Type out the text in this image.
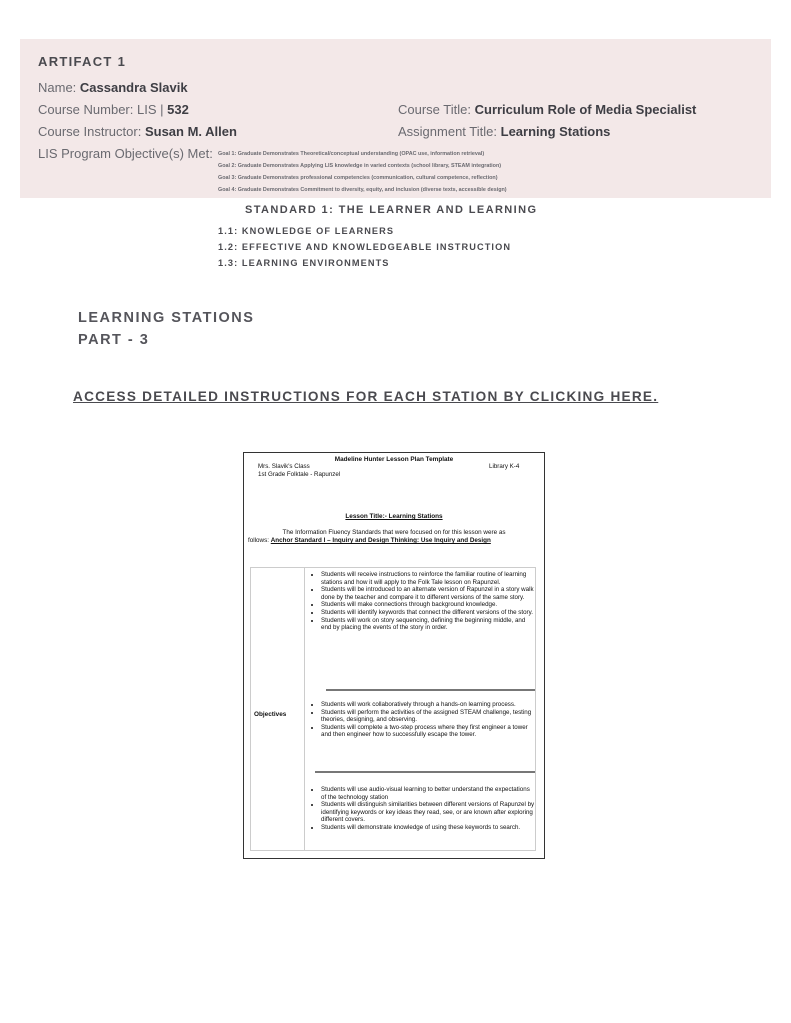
ARTIFACT 1
Name: Cassandra Slavik
Course Number: LIS | 532
Course Instructor: Susan M. Allen
Course Title: Curriculum Role of Media Specialist
Assignment Title: Learning Stations
LIS Program Objective(s) Met: Goal 1: Graduate Demonstrates Theoretical/conceptual understanding (OPAC use, information retrieval)
Goal 2: Graduate Demonstrates Applying LIS knowledge in varied contexts (school library, STEAM integration)
Goal 3: Graduate Demonstrates professional competencies (communication, cultural competence, reflection)
Goal 4: Graduate Demonstrates Commitment to diversity, equity, and inclusion (diverse texts, accessible design)
STANDARD 1: THE LEARNER AND LEARNING
1.1: KNOWLEDGE OF LEARNERS
1.2: EFFECTIVE AND KNOWLEDGEABLE INSTRUCTION
1.3: LEARNING ENVIRONMENTS
LEARNING STATIONS
PART - 3
ACCESS DETAILED INSTRUCTIONS FOR EACH STATION BY CLICKING HERE.
Madeline Hunter Lesson Plan Template
Mrs. Slavik's Class	Library K-4
1st Grade Folktale - Rapunzel
Lesson Title:- Learning Stations
The Information Fluency Standards that were focused on for this lesson were as
follows: Anchor Standard I – Inquiry and Design Thinking: Use Inquiry and Design
Objectives
• Students will receive instructions to reinforce the familiar routine of learning stations and how it will apply to the Folk Tale lesson on Rapunzel.
• Students will be introduced to an alternate version of Rapunzel in a story walk done by the teacher and compare it to different versions of the same story.
• Students will make connections through background knowledge.
• Students will identify keywords that connect the different versions of the story.
• Students will work on story sequencing, defining the beginning middle, and end by placing the events of the story in order.
• Students will work collaboratively through a hands-on learning process.
• Students will perform the activities of the assigned STEAM challenge, testing theories, designing, and observing.
• Students will complete a two-step process where they first engineer a tower and then engineer how to successfully escape the tower.
• Students will use audio-visual learning to better understand the expectations of the technology station
• Students will distinguish similarities between different versions of Rapunzel by identifying keywords or key ideas they read, see, or are known after exploring different covers.
• Students will demonstrate knowledge of using these keywords to search.
